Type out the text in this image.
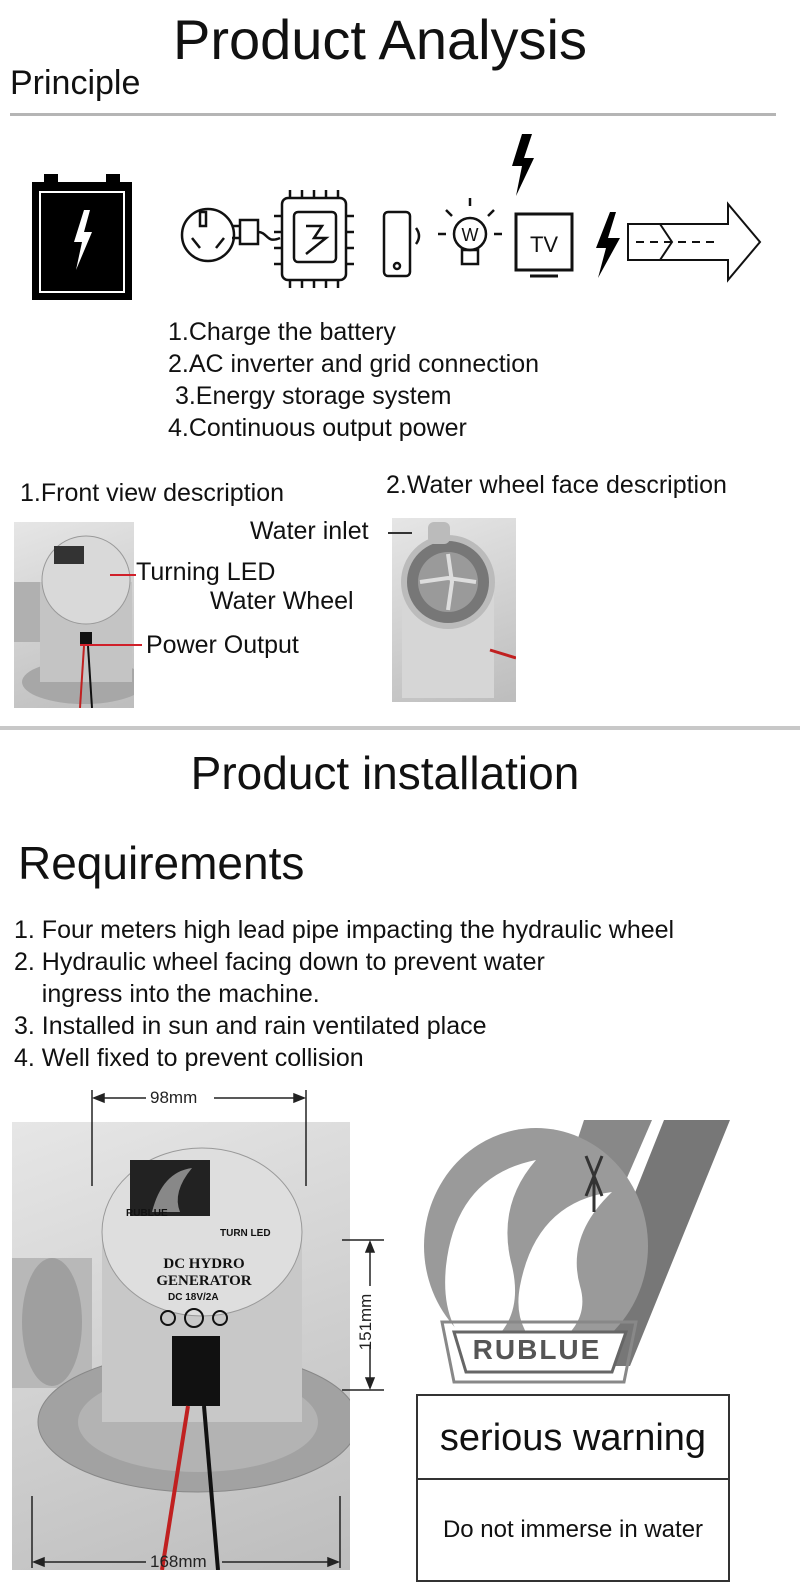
Product Analysis
Principle
W TV
1.Charge the battery
2.AC inverter and grid connection
3.Energy storage system
4.Continuous output power
1.Front view description
Turning LED
Power Output
2.Water wheel face description
Water inlet
Water Wheel
Product installation
Requirements
1. Four meters high lead pipe impacting the hydraulic wheel
2. Hydraulic wheel facing down to prevent water
ingress into the machine.
3. Installed in sun and rain ventilated place
4. Well fixed to prevent collision
RUBLUE
TURN LED
DC HYDRO GENERATOR
DC 18V/2A
98mm
151mm
168mm
RUBLUE
serious warning
Do not immerse in water
